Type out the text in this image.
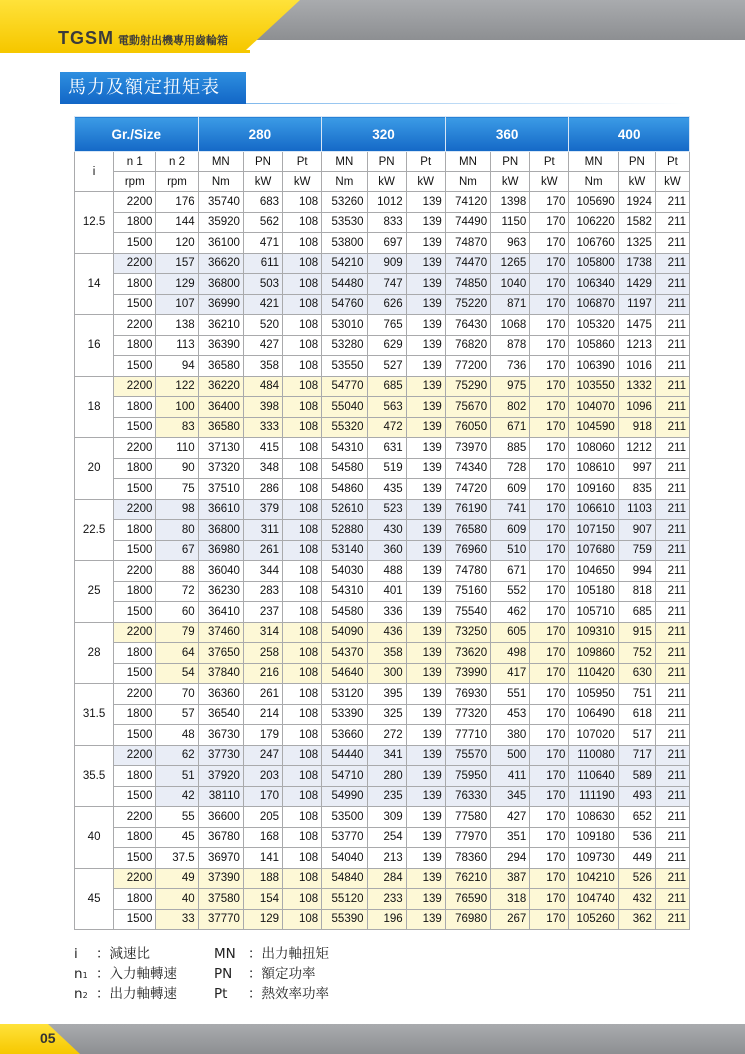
TGSM 電動射出機專用齒輪箱
馬力及額定扭矩表
Gr./Size			280			320			360			400		
i	n 1	n 2	MN	PN	Pt	MN	PN	Pt	MN	PN	Pt	MN	PN	Pt
	rpm	rpm	Nm	kW	kW	Nm	kW	kW	Nm	kW	kW	Nm	kW	kW
12.5	2200	176	35740	683	108	53260	1012	139	74120	1398	170	105690	1924	211
	1800	144	35920	562	108	53530	833	139	74490	1150	170	106220	1582	211
	1500	120	36100	471	108	53800	697	139	74870	963	170	106760	1325	211
14	2200	157	36620	611	108	54210	909	139	74470	1265	170	105800	1738	211
	1800	129	36800	503	108	54480	747	139	74850	1040	170	106340	1429	211
	1500	107	36990	421	108	54760	626	139	75220	871	170	106870	1197	211
16	2200	138	36210	520	108	53010	765	139	76430	1068	170	105320	1475	211
	1800	113	36390	427	108	53280	629	139	76820	878	170	105860	1213	211
	1500	94	36580	358	108	53550	527	139	77200	736	170	106390	1016	211
18	2200	122	36220	484	108	54770	685	139	75290	975	170	103550	1332	211
	1800	100	36400	398	108	55040	563	139	75670	802	170	104070	1096	211
	1500	83	36580	333	108	55320	472	139	76050	671	170	104590	918	211
20	2200	110	37130	415	108	54310	631	139	73970	885	170	108060	1212	211
	1800	90	37320	348	108	54580	519	139	74340	728	170	108610	997	211
	1500	75	37510	286	108	54860	435	139	74720	609	170	109160	835	211
22.5	2200	98	36610	379	108	52610	523	139	76190	741	170	106610	1103	211
	1800	80	36800	311	108	52880	430	139	76580	609	170	107150	907	211
	1500	67	36980	261	108	53140	360	139	76960	510	170	107680	759	211
25	2200	88	36040	344	108	54030	488	139	74780	671	170	104650	994	211
	1800	72	36230	283	108	54310	401	139	75160	552	170	105180	818	211
	1500	60	36410	237	108	54580	336	139	75540	462	170	105710	685	211
28	2200	79	37460	314	108	54090	436	139	73250	605	170	109310	915	211
	1800	64	37650	258	108	54370	358	139	73620	498	170	109860	752	211
	1500	54	37840	216	108	54640	300	139	73990	417	170	110420	630	211
31.5	2200	70	36360	261	108	53120	395	139	76930	551	170	105950	751	211
	1800	57	36540	214	108	53390	325	139	77320	453	170	106490	618	211
	1500	48	36730	179	108	53660	272	139	77710	380	170	107020	517	211
35.5	2200	62	37730	247	108	54440	341	139	75570	500	170	110080	717	211
	1800	51	37920	203	108	54710	280	139	75950	411	170	110640	589	211
	1500	42	38110	170	108	54990	235	139	76330	345	170	111190	493	211
40	2200	55	36600	205	108	53500	309	139	77580	427	170	108630	652	211
	1800	45	36780	168	108	53770	254	139	77970	351	170	109180	536	211
	1500	37.5	36970	141	108	54040	213	139	78360	294	170	109730	449	211
45	2200	49	37390	188	108	54840	284	139	76210	387	170	104210	526	211
	1800	40	37580	154	108	55120	233	139	76590	318	170	104740	432	211
	1500	33	37770	129	108	55390	196	139	76980	267	170	105260	362	211
i ：減速比
n1 ：入力軸轉速
n2 ：出力軸轉速
MN ：出力軸扭矩
PN ：額定功率
Pt ：熱效率功率
05
